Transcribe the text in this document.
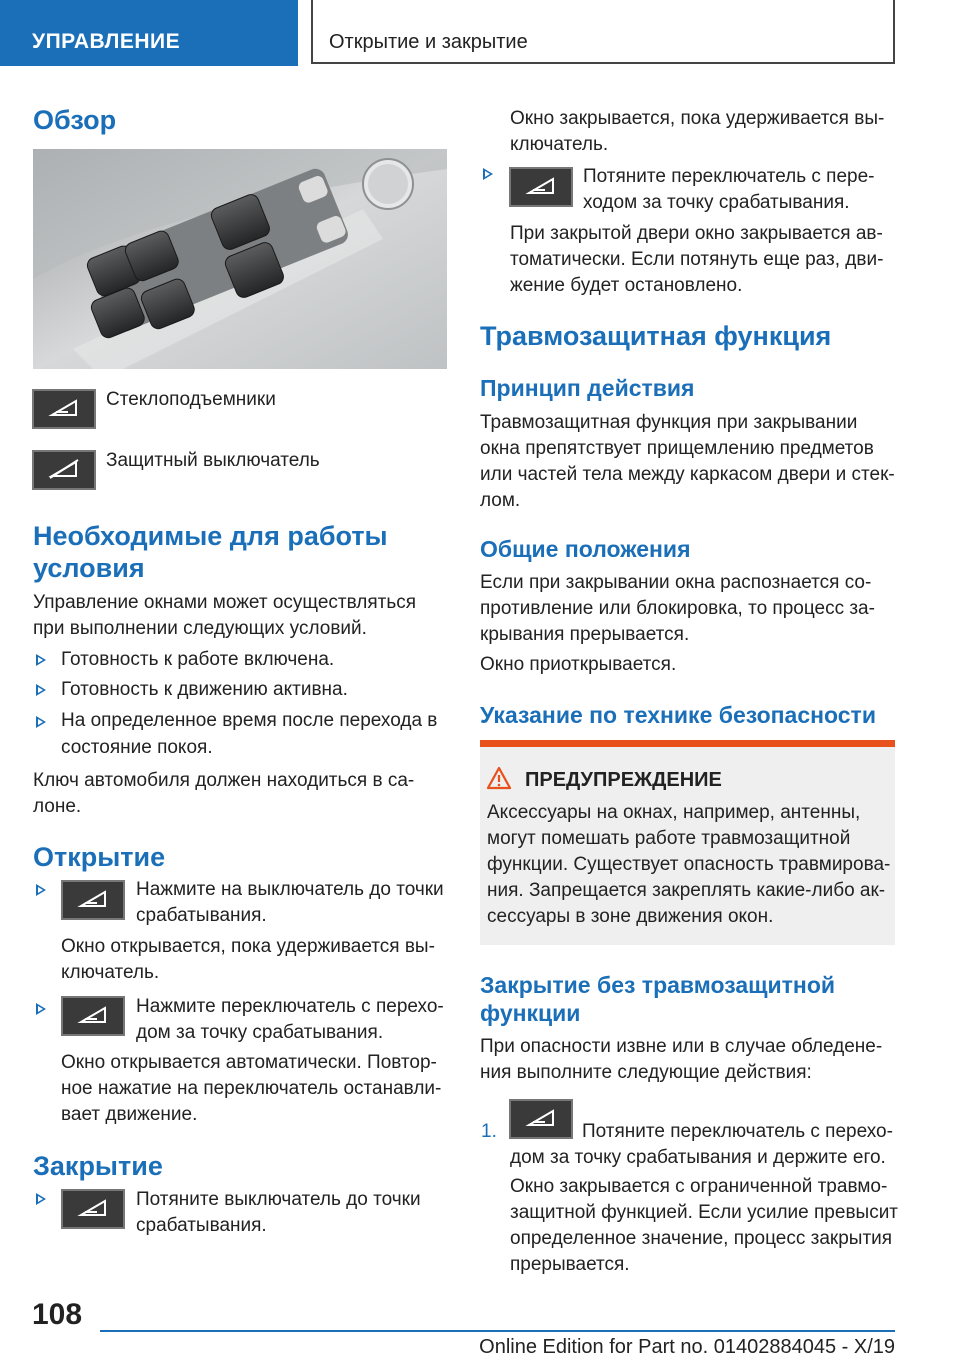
УПРАВЛЕНИЕ	Открытие и закрытие
Обзор
Стеклоподъемники
Защитный выключатель
Необходимые для работы
условия
Управление окнами может осуществляться
при выполнении следующих условий.
Готовность к работе включена.
Готовность к движению активна.
На определенное время после перехода в
состояние покоя.
Ключ автомобиля должен находиться в са-
лоне.
Открытие
Нажмите на выключатель до точки
срабатывания.
Окно открывается, пока удерживается вы-
ключатель.
Нажмите переключатель с перехо-
дом за точку срабатывания.
Окно открывается автоматически. Повтор-
ное нажатие на переключатель останавли-
вает движение.
Закрытие
Потяните выключатель до точки
срабатывания.
Окно закрывается, пока удерживается вы-
ключатель.
Потяните переключатель с пере-
ходом за точку срабатывания.
При закрытой двери окно закрывается ав-
томатически. Если потянуть еще раз, дви-
жение будет остановлено.
Травмозащитная функция
Принцип действия
Травмозащитная функция при закрывании
окна препятствует прищемлению предметов
или частей тела между каркасом двери и стек-
лом.
Общие положения
Если при закрывании окна распознается со-
противление или блокировка, то процесс за-
крывания прерывается.
Окно приоткрывается.
Указание по технике безопасности
ПРЕДУПРЕЖДЕНИЕ
Аксессуары на окнах, например, антенны,
могут помешать работе травмозащитной
функции. Существует опасность травмирова-
ния. Запрещается закреплять какие-либо ак-
сессуары в зоне движения окон.
Закрытие без травмозащитной
функции
При опасности извне или в случае обледене-
ния выполните следующие действия:
1.	Потяните переключатель с перехо-
дом за точку срабатывания и держите его.
Окно закрывается с ограниченной травмо-
защитной функцией. Если усилие превысит
определенное значение, процесс закрытия
прерывается.
108
Online Edition for Part no. 01402884045 - X/19
